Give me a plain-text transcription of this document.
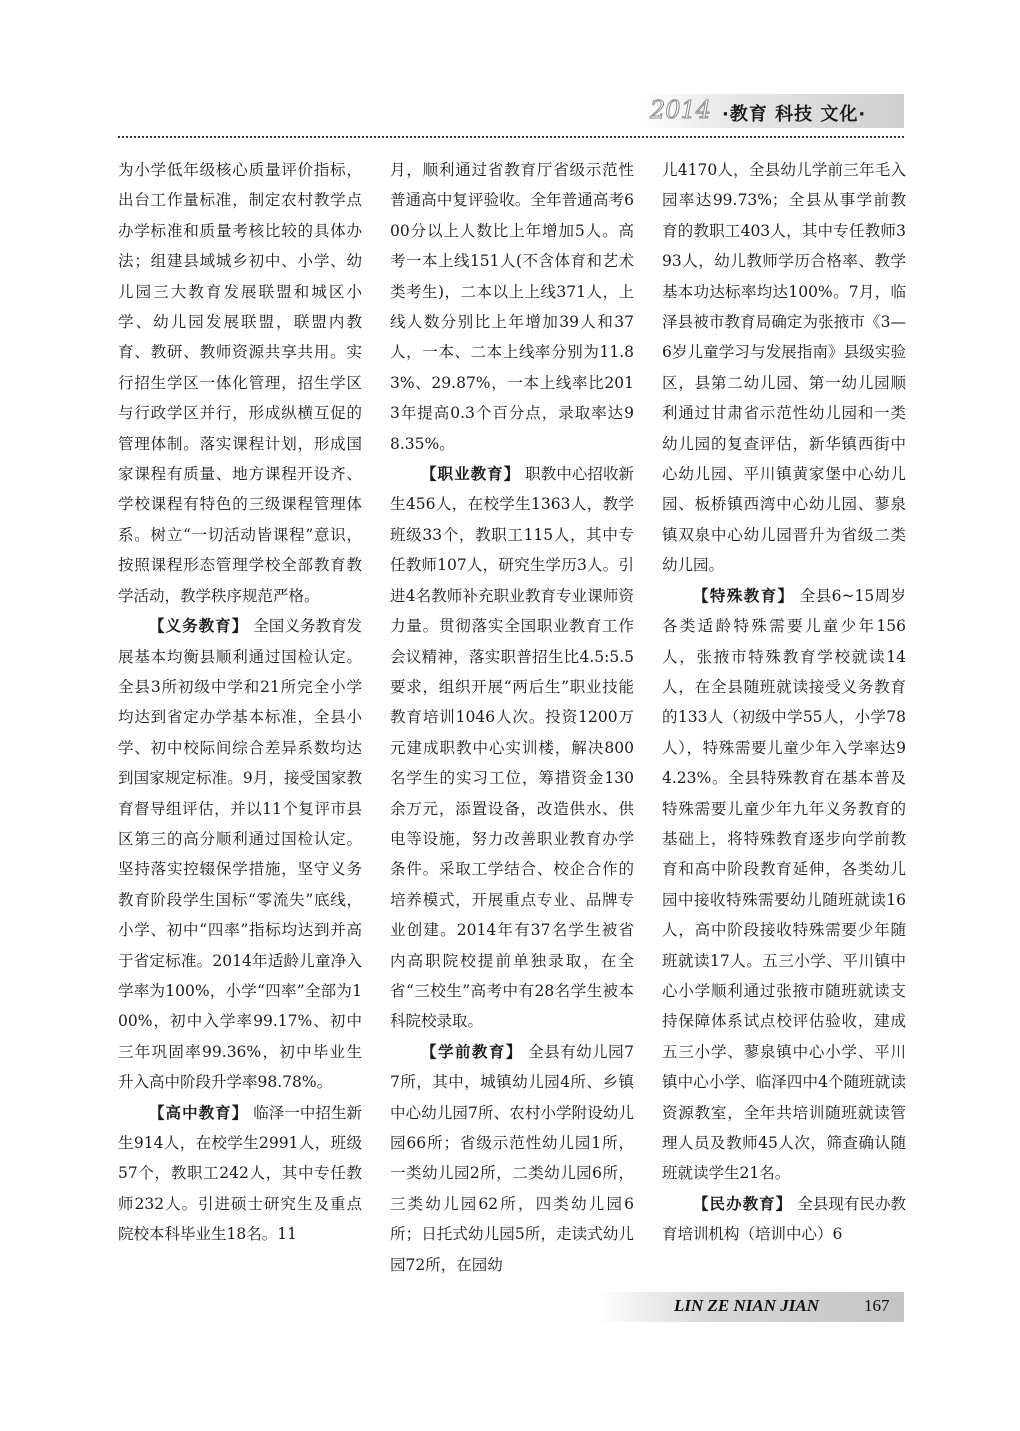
2014 ·教育 科技 文化·

为小学低年级核心质量评价指标，出台工作量标准，制定农村教学点办学标准和质量考核比较的具体办法；组建县域城乡初中、小学、幼儿园三大教育发展联盟和城区小学、幼儿园发展联盟，联盟内教育、教研、教师资源共享共用。实行招生学区一体化管理，招生学区与行政学区并行，形成纵横互促的管理体制。落实课程计划，形成国家课程有质量、地方课程开设齐、学校课程有特色的三级课程管理体系。树立“一切活动皆课程”意识，按照课程形态管理学校全部教育教学活动，教学秩序规范严格。

【义务教育】 全国义务教育发展基本均衡县顺利通过国检认定。全县3所初级中学和21所完全小学均达到省定办学基本标准，全县小学、初中校际间综合差异系数均达到国家规定标准。9月，接受国家教育督导组评估，并以11个复评市县区第三的高分顺利通过国检认定。坚持落实控辍保学措施，坚守义务教育阶段学生国标“零流失”底线，小学、初中“四率”指标均达到并高于省定标准。2014年适龄儿童净入学率为100%，小学“四率”全部为100%，初中入学率99.17%、初中三年巩固率99.36%，初中毕业生升入高中阶段升学率98.78%。

【高中教育】 临泽一中招生新生914人，在校学生2991人，班级57个，教职工242人，其中专任教师232人。引进硕士研究生及重点院校本科毕业生18名。11

月，顺利通过省教育厅省级示范性普通高中复评验收。全年普通高考600分以上人数比上年增加5人。高考一本上线151人(不含体育和艺术类考生)，二本以上上线371人，上线人数分别比上年增加39人和37人，一本、二本上线率分别为11.83%、29.87%，一本上线率比2013年提高0.3个百分点，录取率达98.35%。

【职业教育】 职教中心招收新生456人，在校学生1363人，教学班级33个，教职工115人，其中专任教师107人，研究生学历3人。引进4名教师补充职业教育专业课师资力量。贯彻落实全国职业教育工作会议精神，落实职普招生比4.5:5.5要求，组织开展“两后生”职业技能教育培训1046人次。投资1200万元建成职教中心实训楼，解决800名学生的实习工位，筹措资金130余万元，添置设备，改造供水、供电等设施，努力改善职业教育办学条件。采取工学结合、校企合作的培养模式，开展重点专业、品牌专业创建。2014年有37名学生被省内高职院校提前单独录取，在全省“三校生”高考中有28名学生被本科院校录取。

【学前教育】 全县有幼儿园77所，其中，城镇幼儿园4所、乡镇中心幼儿园7所、农村小学附设幼儿园66所；省级示范性幼儿园1所，一类幼儿园2所，二类幼儿园6所，三类幼儿园62所，四类幼儿园6所；日托式幼儿园5所，走读式幼儿园72所，在园幼

儿4170人，全县幼儿学前三年毛入园率达99.73%；全县从事学前教育的教职工403人，其中专任教师393人，幼儿教师学历合格率、教学基本功达标率均达100%。7月，临泽县被市教育局确定为张掖市《3—6岁儿童学习与发展指南》县级实验区，县第二幼儿园、第一幼儿园顺利通过甘肃省示范性幼儿园和一类幼儿园的复查评估，新华镇西街中心幼儿园、平川镇黄家堡中心幼儿园、板桥镇西湾中心幼儿园、蓼泉镇双泉中心幼儿园晋升为省级二类幼儿园。

【特殊教育】 全县6~15周岁各类适龄特殊需要儿童少年156人，张掖市特殊教育学校就读14人，在全县随班就读接受义务教育的133人（初级中学55人，小学78人），特殊需要儿童少年入学率达94.23%。全县特殊教育在基本普及特殊需要儿童少年九年义务教育的基础上，将特殊教育逐步向学前教育和高中阶段教育延伸，各类幼儿园中接收特殊需要幼儿随班就读16人，高中阶段接收特殊需要少年随班就读17人。五三小学、平川镇中心小学顺利通过张掖市随班就读支持保障体系试点校评估验收，建成五三小学、蓼泉镇中心小学、平川镇中心小学、临泽四中4个随班就读资源教室，全年共培训随班就读管理人员及教师45人次，筛查确认随班就读学生21名。

【民办教育】 全县现有民办教育培训机构（培训中心）6

LIN ZE NIAN JIAN	167
